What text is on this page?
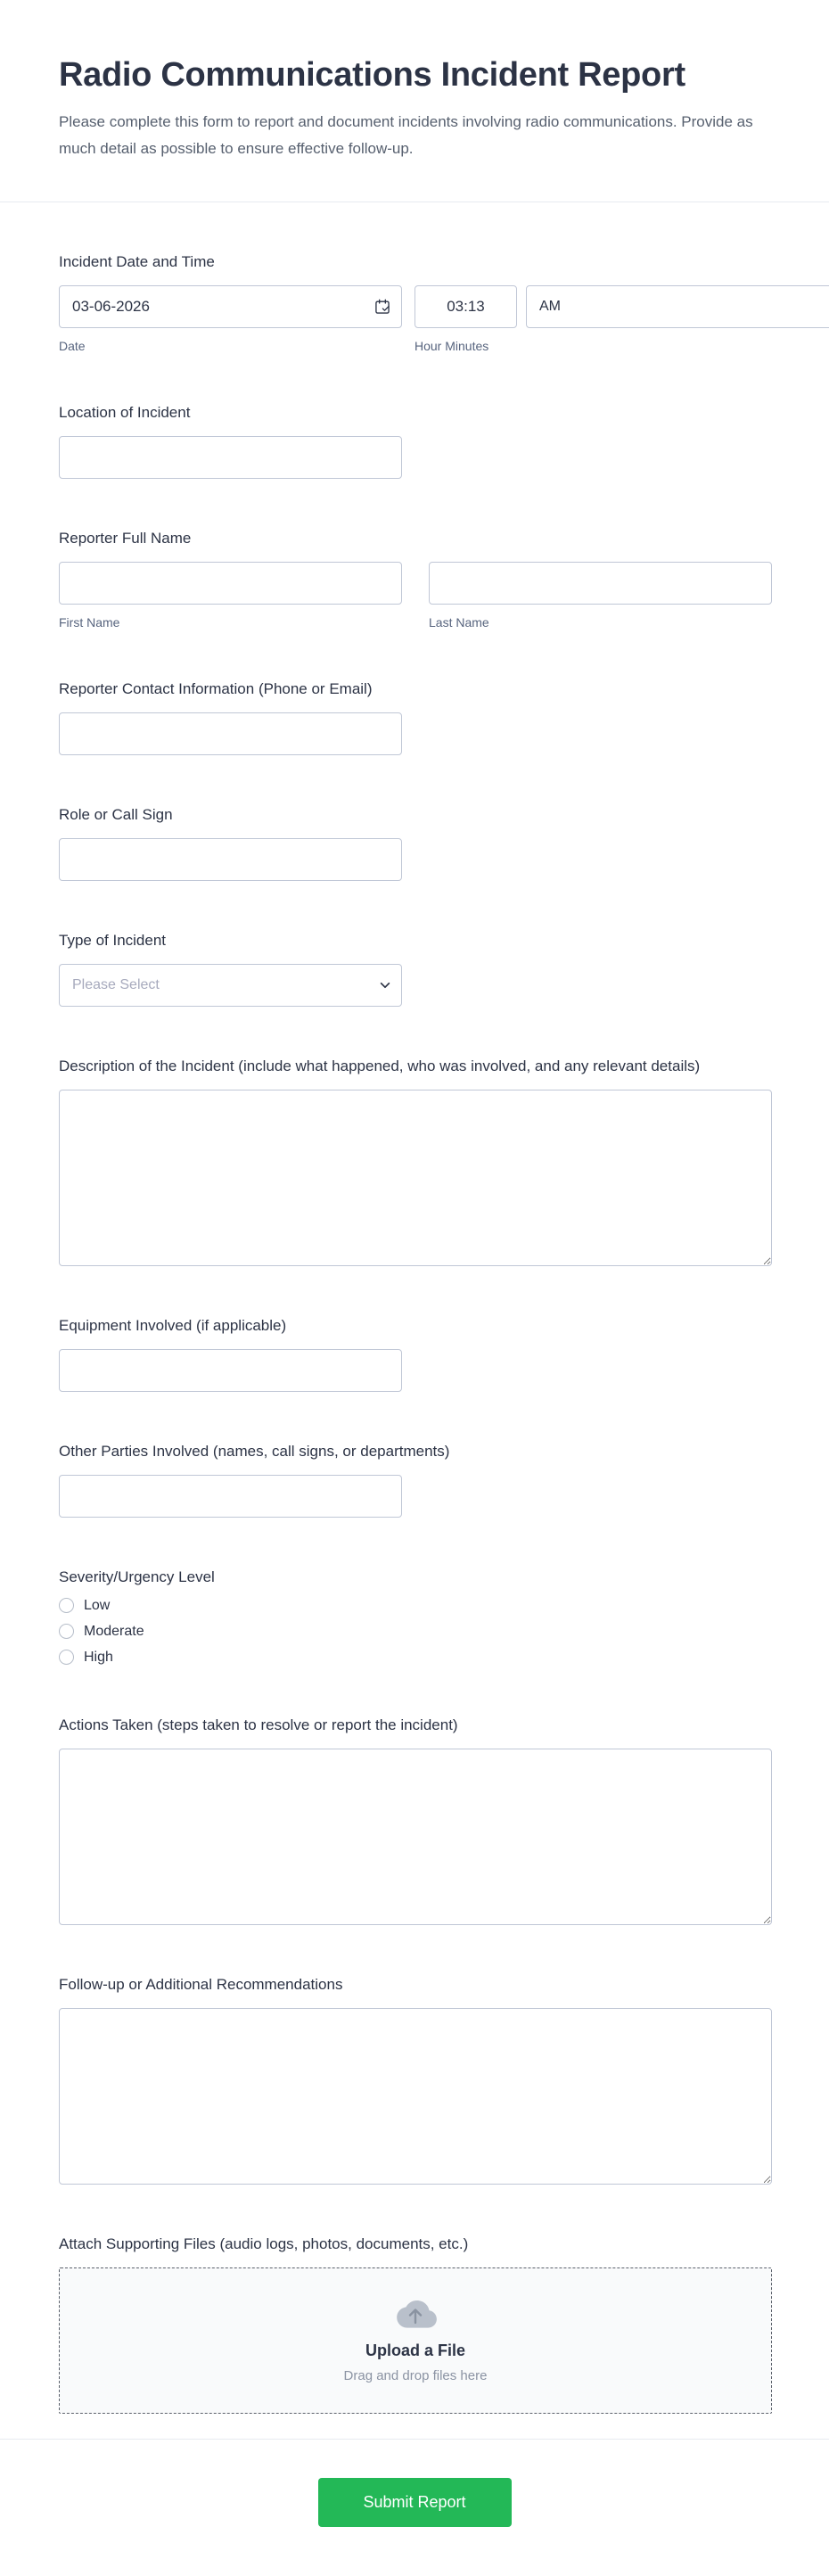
Radio Communications Incident Report

Please complete this form to report and document incidents involving radio communications. Provide as much detail as possible to ensure effective follow-up.

Incident Date and Time
03-06-2026
03:13
AM
Date	Hour Minutes
Location of Incident
Reporter Full Name
First Name	Last Name
Reporter Contact Information (Phone or Email)
Role or Call Sign
Type of Incident
Please Select
Description of the Incident (include what happened, who was involved, and any relevant details)
Equipment Involved (if applicable)
Other Parties Involved (names, call signs, or departments)
Severity/Urgency Level
Low
Moderate
High
Actions Taken (steps taken to resolve or report the incident)
Follow-up or Additional Recommendations
Attach Supporting Files (audio logs, photos, documents, etc.)
Upload a File
Drag and drop files here
Submit Report
